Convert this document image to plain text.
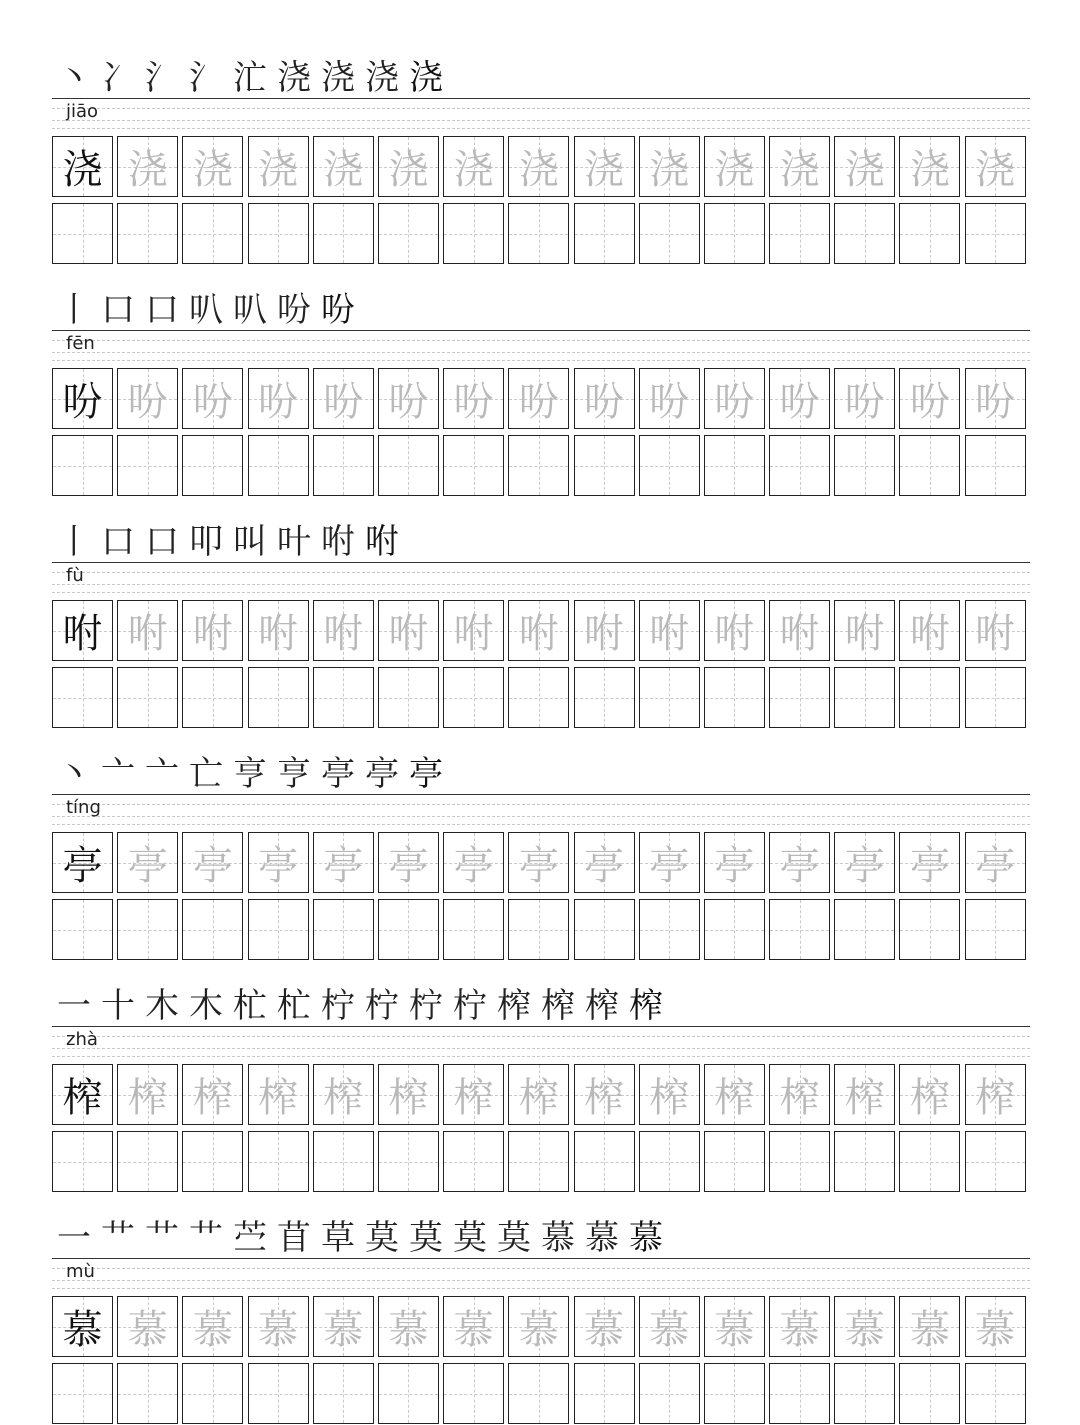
丶 冫 氵 氵 汒 浇 浇 浇 浇
jiāo
浇 浇 浇 浇 浇 浇 浇 浇 浇 浇 浇 浇 浇 浇 浇
丨 口 口 叭 叭 吩 吩
fēn
吩 吩 吩 吩 吩 吩 吩 吩 吩 吩 吩 吩 吩 吩 吩
丨 口 口 叩 叫 叶 咐 咐
fù
咐 咐 咐 咐 咐 咐 咐 咐 咐 咐 咐 咐 咐 咐 咐
丶 亠 亠 亡 亨 亨 亭 亭 亭
tíng
亭 亭 亭 亭 亭 亭 亭 亭 亭 亭 亭 亭 亭 亭 亭
一 十 木 木 杧 杧 柠 柠 柠 柠 榨 榨 榨 榨
zhà
榨 榨 榨 榨 榨 榨 榨 榨 榨 榨 榨 榨 榨 榨 榨
一 艹 艹 艹 苎 苜 草 莫 莫 莫 莫 慕 慕 慕
mù
慕 慕 慕 慕 慕 慕 慕 慕 慕 慕 慕 慕 慕 慕 慕
